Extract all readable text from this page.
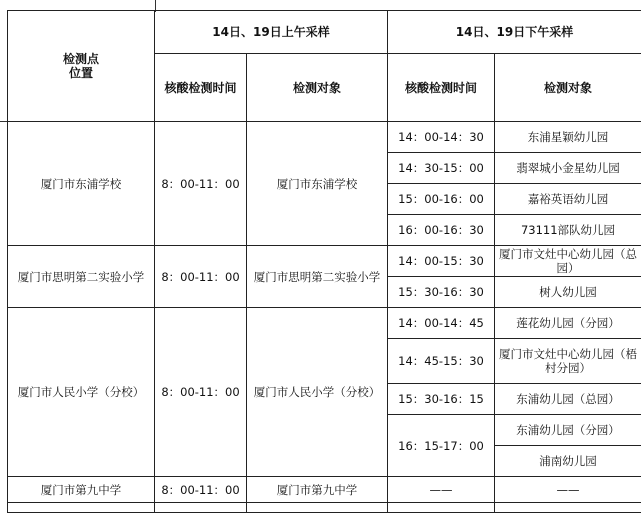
检测点
位置	14日、19日上午采样		14日、19日下午采样	
	核酸检测时间	检测对象	核酸检测时间	检测对象
厦门市东浦学校	8：00-11：00	厦门市东浦学校	14：00-14：30	东浦星颖幼儿园
			14：30-15：00	翡翠城小金星幼儿园
			15：00-16：00	嘉裕英语幼儿园
			16：00-16：30	73111部队幼儿园
厦门市思明第二实验小学	8：00-11：00	厦门市思明第二实验小学	14：00-15：30	厦门市文灶中心幼儿园（总园）
			15：30-16：30	树人幼儿园
厦门市人民小学（分校）	8：00-11：00	厦门市人民小学（分校）	14：00-14：45	莲花幼儿园（分园）
			14：45-15：30	厦门市文灶中心幼儿园（梧村分园）
			15：30-16：15	东浦幼儿园（总园）
			16：15-17：00	东浦幼儿园（分园）
				浦南幼儿园
厦门市第九中学	8：00-11：00	厦门市第九中学	——	——
